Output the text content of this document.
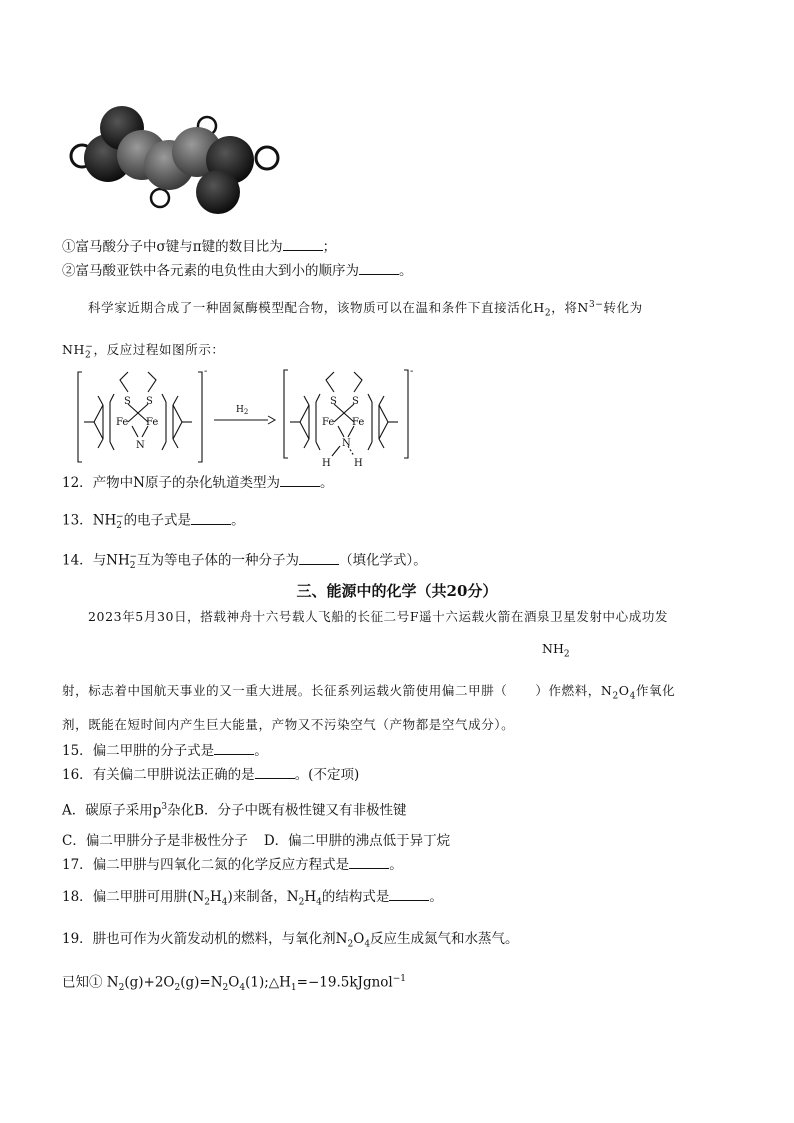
①富马酸分子中σ键与π键的数目比为	；
②富马酸亚铁中各元素的电负性由大到小的顺序为	。
科学家近期合成了一种固氮酶模型配合物，该物质可以在温和条件下直接活化$H_2$，将$N^{3-}$转化为
$NH_2^-$，反应过程如图所示：
S S
Fe Fe
N
-
$H_2$
S S
Fe Fe
N
H H
-
12．产物中N原子的杂化轨道类型为	。
13．$NH_2^-$的电子式是	。
14．与$NH_2^-$互为等电子体的一种分子为	（填化学式）。
三、能源中的化学（共20分）
2023年5月30日，搭载神舟十六号载人飞船的长征二号F遥十六运载火箭在酒泉卫星发射中心成功发
$NH_2$
射，标志着中国航天事业的又一重大进展。长征系列运载火箭使用偏二甲肼（ ）作燃料，$N_2O_4$作氧化
剂，既能在短时间内产生巨大能量，产物又不污染空气（产物都是空气成分）。
15．偏二甲肼的分子式是	。
16．有关偏二甲肼说法正确的是	。(不定项)
A．碳原子采用$p^3$杂化B．分子中既有极性键又有非极性键
C．偏二甲肼分子是非极性分子 D．偏二甲肼的沸点低于异丁烷
17．偏二甲肼与四氧化二氮的化学反应方程式是	。
18．偏二甲肼可用肼$(N_2H_4)$来制备，$N_2H_4$的结构式是	。
19．肼也可作为火箭发动机的燃料，与氧化剂$N_2O_4$反应生成氮气和水蒸气。
已知① $N_2(g)+2O_2(g)=N_2O_4(1);\triangle H_1=-19.5kJgnol^{-1}$
